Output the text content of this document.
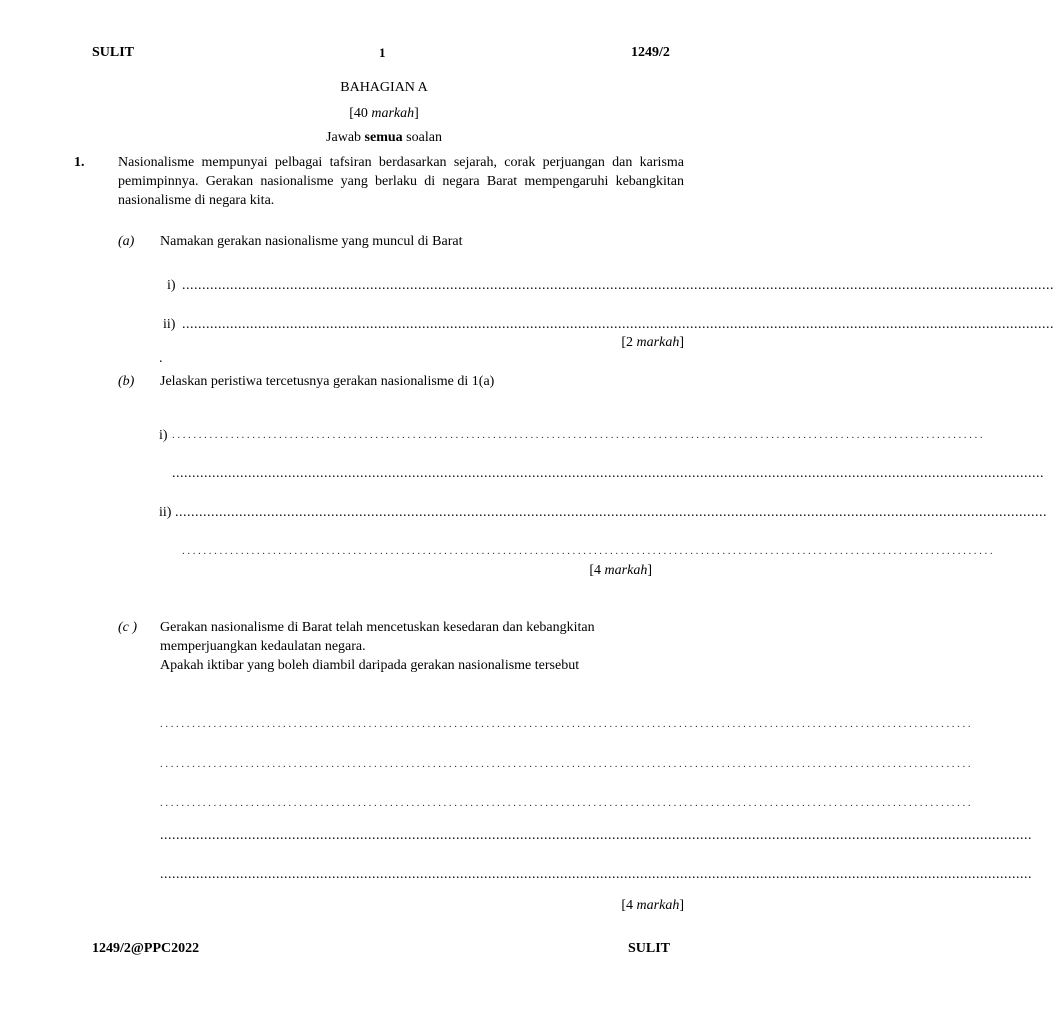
SULIT	1	1249/2
BAHAGIAN A
[40 markah]
Jawab semua soalan
1. Nasionalisme mempunyai pelbagai tafsiran berdasarkan sejarah, corak perjuangan dan karisma pemimpinnya. Gerakan nasionalisme yang berlaku di negara Barat mempengaruhi kebangkitan nasionalisme di negara kita.
(a) Namakan gerakan nasionalisme yang muncul di Barat
i) ..........................................................................................................................................................................................................................
ii) ..........................................................................................................................................................................................................................
[2 markah]
.
(b) Jelaskan peristiwa tercetusnya gerakan nasionalisme di 1(a)
i) ........................................................................................................................................................
..........................................................................................................................................................................................................................
ii) ..........................................................................................................................................................................................................................
........................................................................................................................................................
[4 markah]
(c ) Gerakan nasionalisme di Barat telah mencetuskan kesedaran dan kebangkitan
memperjuangkan kedaulatan negara.
Apakah iktibar yang boleh diambil daripada gerakan nasionalisme tersebut
........................................................................................................................................................
........................................................................................................................................................
........................................................................................................................................................
..........................................................................................................................................................................................................................
..........................................................................................................................................................................................................................
[4 markah]
1249/2@PPC2022	SULIT
